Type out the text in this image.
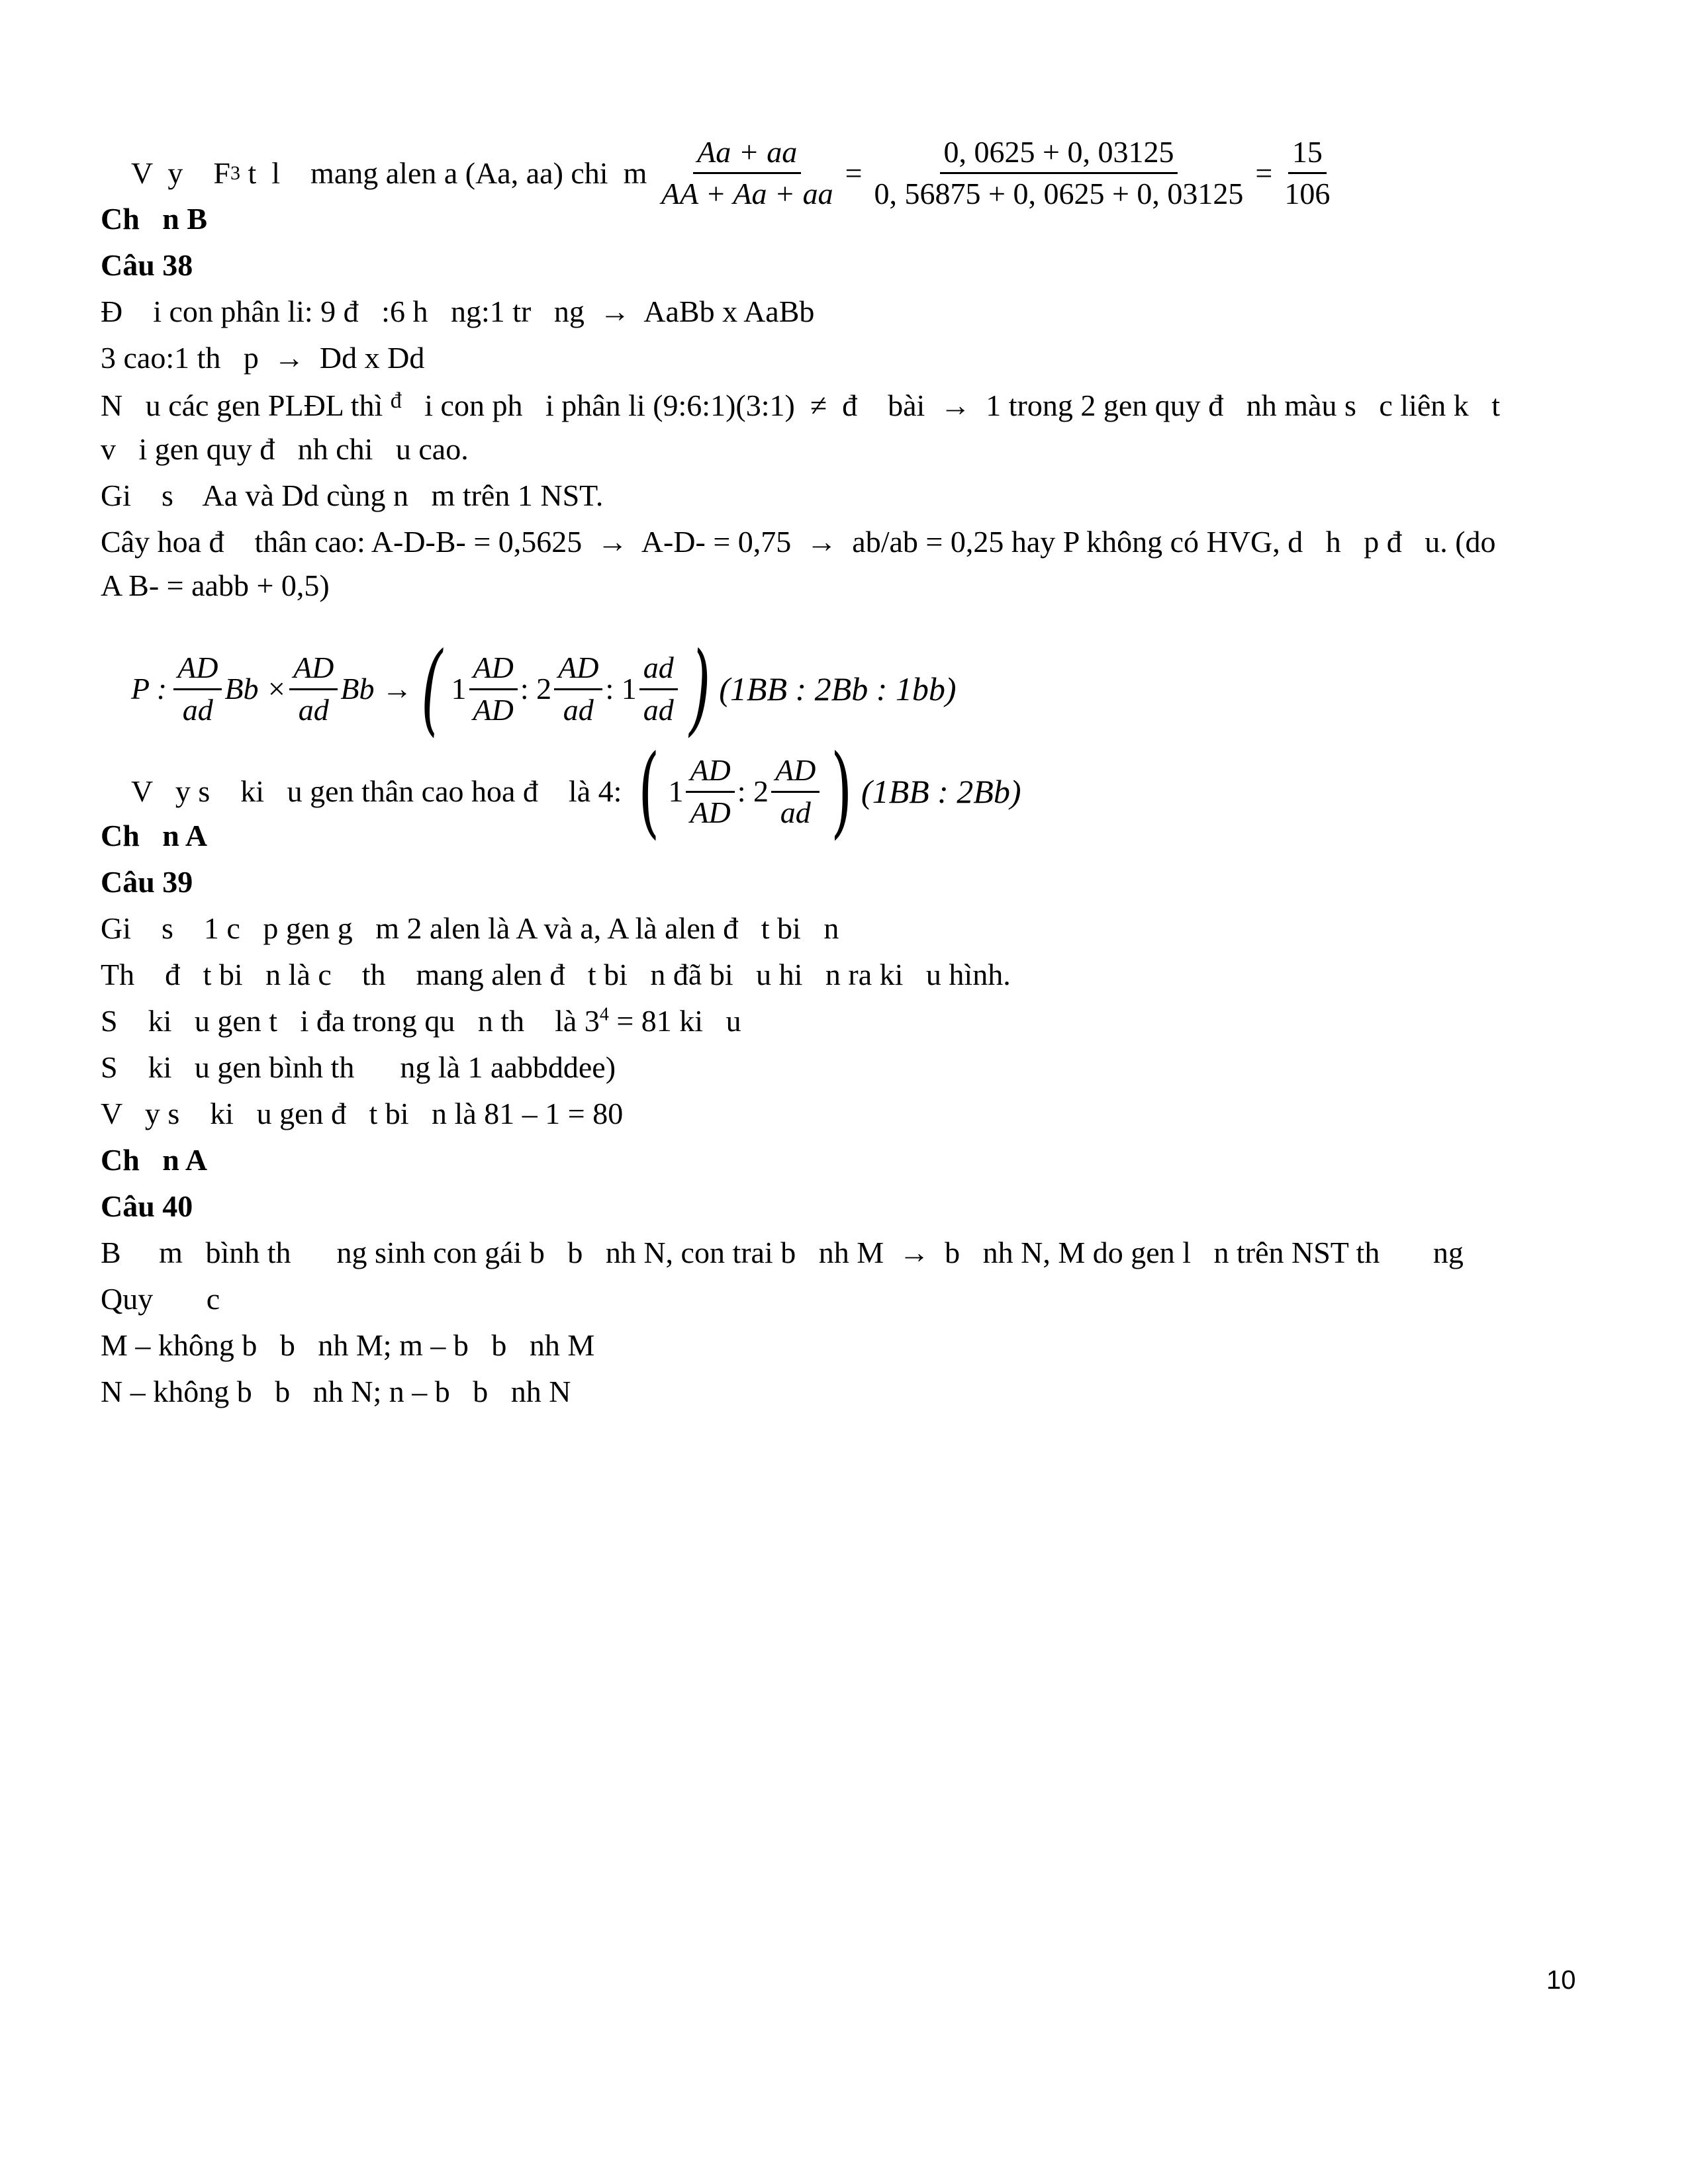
V  y    F 3 t  l    mang alen a (Aa, aa) chi  m $\frac{Aa + aa}{AA + Aa + aa} = \frac{0, 0625 + 0, 03125}{0, 56875 + 0, 0625 + 0, 03125} = \frac{15}{106}$

Ch   n B
Câu 38
Đ    i con phân li: 9 đ   :6 h   ng:1 tr   ng  →  AaBb x AaBb
3 cao:1 th   p  →  Dd x Dd
N   u các gen PLĐL thì $^đ$   i con ph   i phân li (9:6:1)(3:1)  ≠  đ    bài  →  1 trong 2 gen quy đ   nh màu s   c liên k   t
v   i gen quy đ   nh chi   u cao.
Gi    s    Aa và Dd cùng n   m trên 1 NST.
Cây hoa đ    thân cao: A-D-B- = 0,5625  →  A-D- = 0,75  →  ab/ab = 0,25 hay P không có HVG, d   h   p đ   u. (do
A B- = aabb + 0,5)

P : $\frac{AD}{ad}$ $Bb \times \frac{AD}{ad}$ Bb → ( $1 \frac{AD}{AD}$ : $2 \frac{AD}{ad}$ : $1 \frac{ad}{ad}$ ) (1BB : 2Bb : 1bb)

V   y s    ki   u gen thân cao hoa đ    là 4: ( $1 \frac{AD}{AD}$ : $2 \frac{AD}{ad}$ ) (1BB : 2Bb)

Ch   n A
Câu 39
Gi    s    1 c   p gen g   m 2 alen là A và a, A là alen đ   t bi   n
Th    đ   t bi   n là c    th    mang alen đ   t bi   n đã bi   u hi   n ra ki   u hình.
S    ki   u gen t   i đa trong qu   n th    là $3^4 = 81$ ki   u
S    ki   u gen bình th      ng là 1 aabbddee)
V   y s    ki   u gen đ   t bi   n là 81 – 1 = 80
Ch   n A
Câu 40
B     m   bình th      ng sinh con gái b   b   nh N, con trai b   nh M  →  b   nh N, M do gen l   n trên NST th       ng
Quy       c
M – không b   b   nh M; m – b   b   nh M
N – không b   b   nh N; n – b   b   nh N
10
